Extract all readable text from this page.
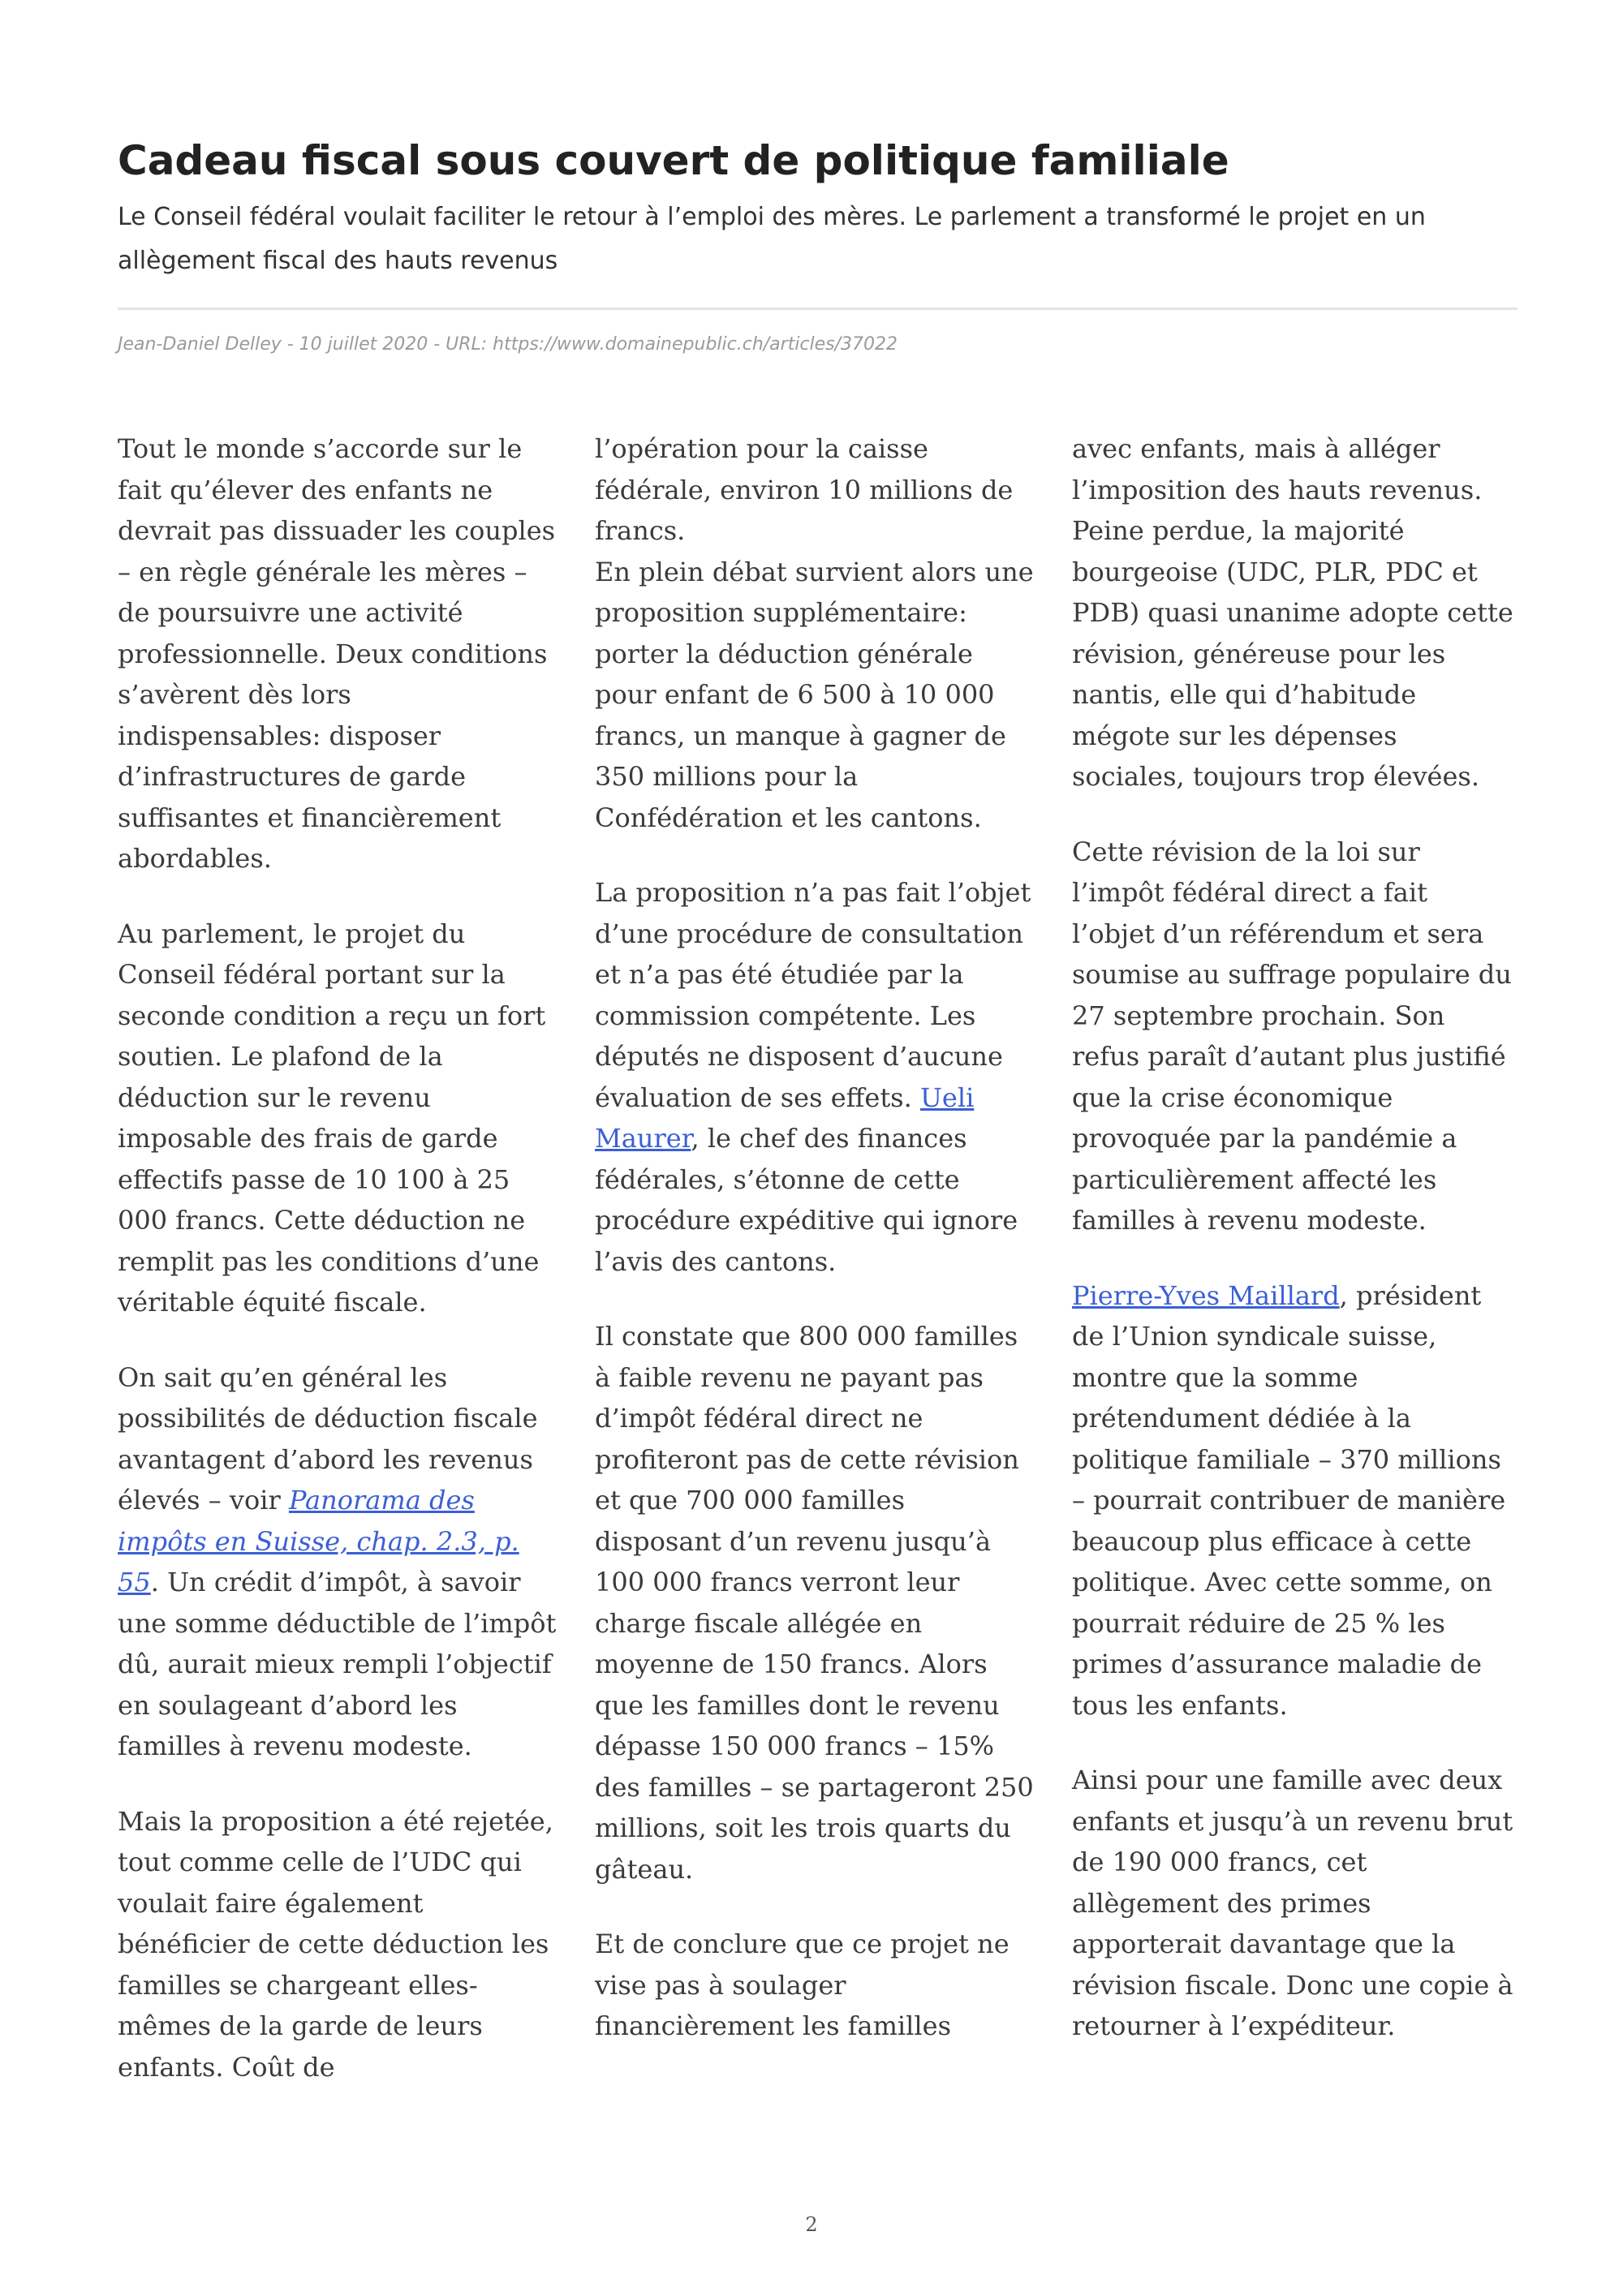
Cadeau fiscal sous couvert de politique familiale
Le Conseil fédéral voulait faciliter le retour à l’emploi des mères. Le parlement a transformé le projet en un allègement fiscal des hauts revenus
Jean-Daniel Delley - 10 juillet 2020 - URL: https://www.domainepublic.ch/articles/37022

Tout le monde s’accorde sur le fait qu’élever des enfants ne devrait pas dissuader les couples – en règle générale les mères – de poursuivre une activité professionnelle. Deux conditions s’avèrent dès lors indispensables: disposer d’infrastructures de garde suffisantes et financièrement abordables.

Au parlement, le projet du Conseil fédéral portant sur la seconde condition a reçu un fort soutien. Le plafond de la déduction sur le revenu imposable des frais de garde effectifs passe de 10 100 à 25 000 francs. Cette déduction ne remplit pas les conditions d’une véritable équité fiscale.

On sait qu’en général les possibilités de déduction fiscale avantagent d’abord les revenus élevés – voir Panorama des impôts en Suisse, chap. 2.3, p. 55. Un crédit d’impôt, à savoir une somme déductible de l’impôt dû, aurait mieux rempli l’objectif en soulageant d’abord les familles à revenu modeste.

Mais la proposition a été rejetée, tout comme celle de l’UDC qui voulait faire également bénéficier de cette déduction les familles se chargeant elles-mêmes de la garde de leurs enfants. Coût de

l’opération pour la caisse fédérale, environ 10 millions de francs.

En plein débat survient alors une proposition supplémentaire: porter la déduction générale pour enfant de 6 500 à 10 000 francs, un manque à gagner de 350 millions pour la Confédération et les cantons.

La proposition n’a pas fait l’objet d’une procédure de consultation et n’a pas été étudiée par la commission compétente. Les députés ne disposent d’aucune évaluation de ses effets. Ueli Maurer, le chef des finances fédérales, s’étonne de cette procédure expéditive qui ignore l’avis des cantons.

Il constate que 800 000 familles à faible revenu ne payant pas d’impôt fédéral direct ne profiteront pas de cette révision et que 700 000 familles disposant d’un revenu jusqu’à 100 000 francs verront leur charge fiscale allégée en moyenne de 150 francs. Alors que les familles dont le revenu dépasse 150 000 francs – 15% des familles – se partageront 250 millions, soit les trois quarts du gâteau.

Et de conclure que ce projet ne vise pas à soulager financièrement les familles

avec enfants, mais à alléger l’imposition des hauts revenus. Peine perdue, la majorité bourgeoise (UDC, PLR, PDC et PDB) quasi unanime adopte cette révision, généreuse pour les nantis, elle qui d’habitude mégote sur les dépenses sociales, toujours trop élevées.

Cette révision de la loi sur l’impôt fédéral direct a fait l’objet d’un référendum et sera soumise au suffrage populaire du 27 septembre prochain. Son refus paraît d’autant plus justifié que la crise économique provoquée par la pandémie a particulièrement affecté les familles à revenu modeste.

Pierre-Yves Maillard, président de l’Union syndicale suisse, montre que la somme prétendument dédiée à la politique familiale – 370 millions – pourrait contribuer de manière beaucoup plus efficace à cette politique. Avec cette somme, on pourrait réduire de 25 % les primes d’assurance maladie de tous les enfants.

Ainsi pour une famille avec deux enfants et jusqu’à un revenu brut de 190 000 francs, cet allègement des primes apporterait davantage que la révision fiscale. Donc une copie à retourner à l’expéditeur.

2
